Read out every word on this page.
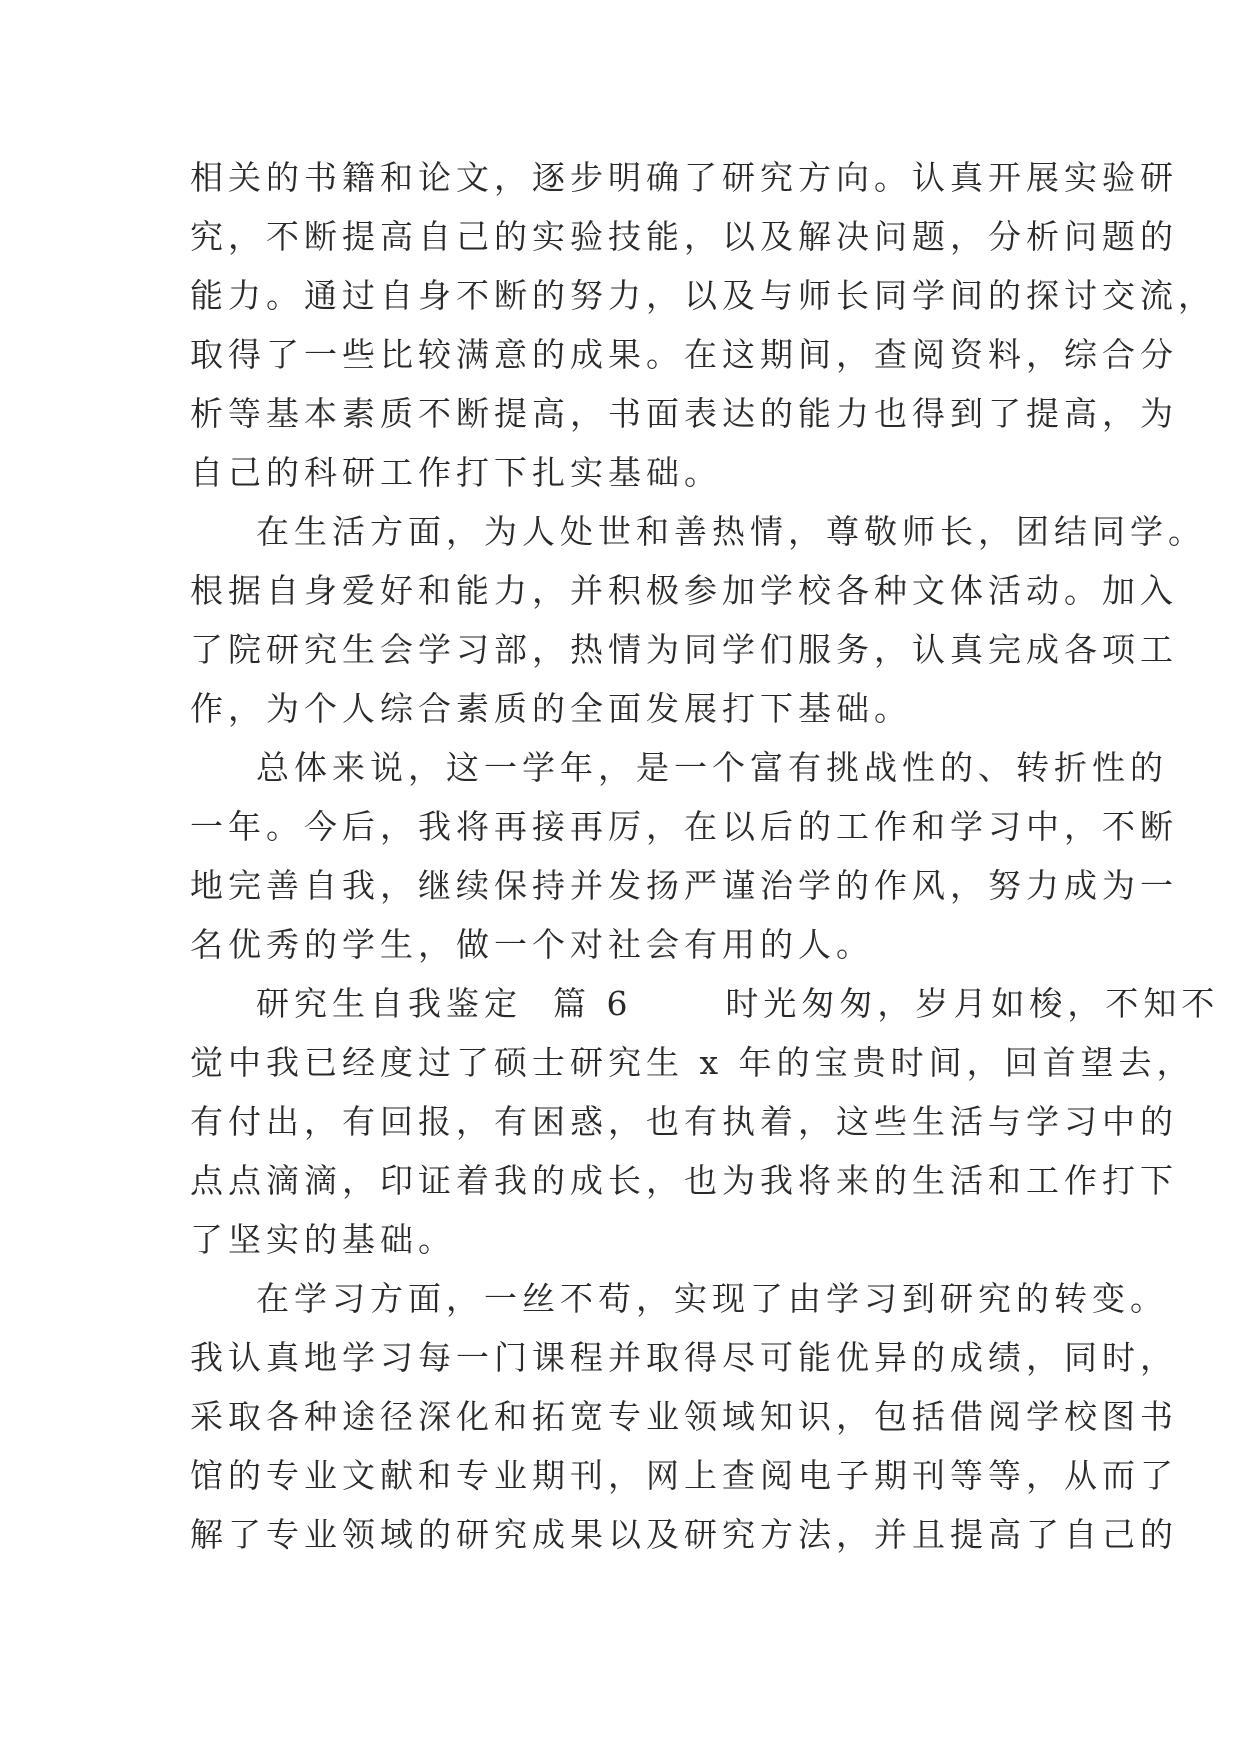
相关的书籍和论文，逐步明确了研究方向。认真开展实验研
究，不断提高自己的实验技能，以及解决问题，分析问题的
能力。通过自身不断的努力，以及与师长同学间的探讨交流，
取得了一些比较满意的成果。在这期间，查阅资料，综合分
析等基本素质不断提高，书面表达的能力也得到了提高，为
自己的科研工作打下扎实基础。
在生活方面，为人处世和善热情，尊敬师长，团结同学。
根据自身爱好和能力，并积极参加学校各种文体活动。加入
了院研究生会学习部，热情为同学们服务，认真完成各项工
作，为个人综合素质的全面发展打下基础。
总体来说，这一学年，是一个富有挑战性的、转折性的
一年。今后，我将再接再厉，在以后的工作和学习中，不断
地完善自我，继续保持并发扬严谨治学的作风，努力成为一
名优秀的学生，做一个对社会有用的人。
研究生自我鉴定  篇 6      时光匆匆，岁月如梭，不知不
觉中我已经度过了硕士研究生 x 年的宝贵时间，回首望去，
有付出，有回报，有困惑，也有执着，这些生活与学习中的
点点滴滴，印证着我的成长，也为我将来的生活和工作打下
了坚实的基础。
在学习方面，一丝不苟，实现了由学习到研究的转变。
我认真地学习每一门课程并取得尽可能优异的成绩，同时，
采取各种途径深化和拓宽专业领域知识，包括借阅学校图书
馆的专业文献和专业期刊，网上查阅电子期刊等等，从而了
解了专业领域的研究成果以及研究方法，并且提高了自己的
